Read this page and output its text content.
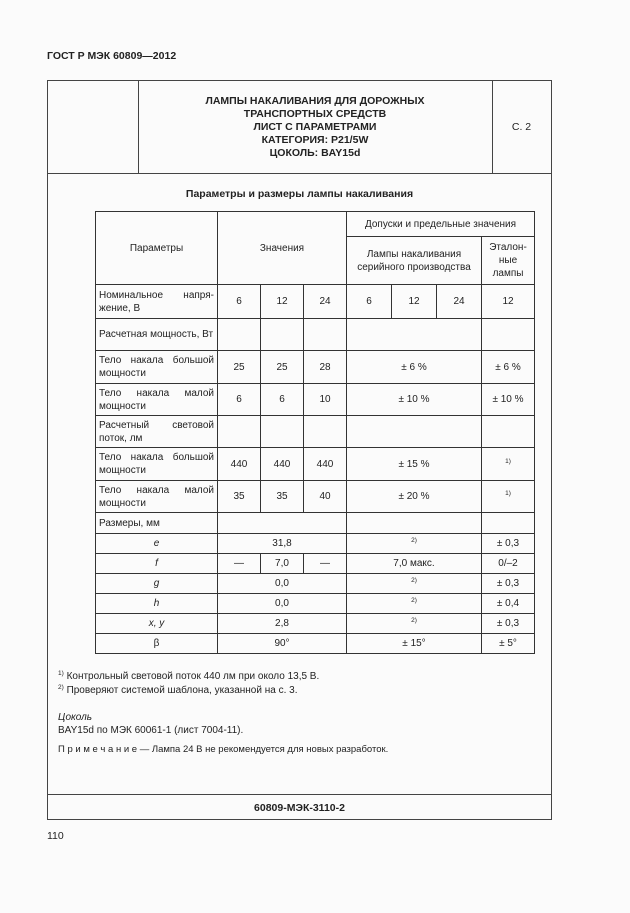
ГОСТ Р МЭК 60809—2012
ЛАМПЫ НАКАЛИВАНИЯ ДЛЯ ДОРОЖНЫХ
ТРАНСПОРТНЫХ СРЕДСТВ
ЛИСТ С ПАРАМЕТРАМИ
КАТЕГОРИЯ: P21/5W
ЦОКОЛЬ: BAY15d
С. 2
Параметры и размеры лампы накаливания
Параметры	Значения			Допуски и предельные значения			
				Лампы накаливания серийного производства			Эталон-ные лампы
Номинальное напря-жение, В	6	12	24	6	12	24	12
Расчетная мощность, Вт							
Тело накала большой мощности	25	25	28	± 6 %			± 6 %
Тело накала малой мощности	6	6	10	± 10 %			± 10 %
Расчетный световой поток, лм							
Тело накала большой мощности	440	440	440	± 15 %			$^{1)}$
Тело накала малой мощности	35	35	40	± 20 %			$^{1)}$
Размеры, мм							
e	31,8			$^{2)}$			± 0,3
f	—	7,0	—	7,0 макс.			0/–2
g	0,0			$^{2)}$			± 0,3
h	0,0			$^{2)}$			± 0,4
x, y	2,8			$^{2)}$			± 0,3
β	90°			± 15°			± 5°
$^{1)}$ Контрольный световой поток 440 лм при около 13,5 В.
$^{2)}$ Проверяют системой шаблона, указанной на с. 3.
Цоколь
BAY15d по МЭК 60061-1 (лист 7004-11).
П р и м е ч а н и е — Лампа 24 В не рекомендуется для новых разработок.
60809-МЭК-3110-2
110
